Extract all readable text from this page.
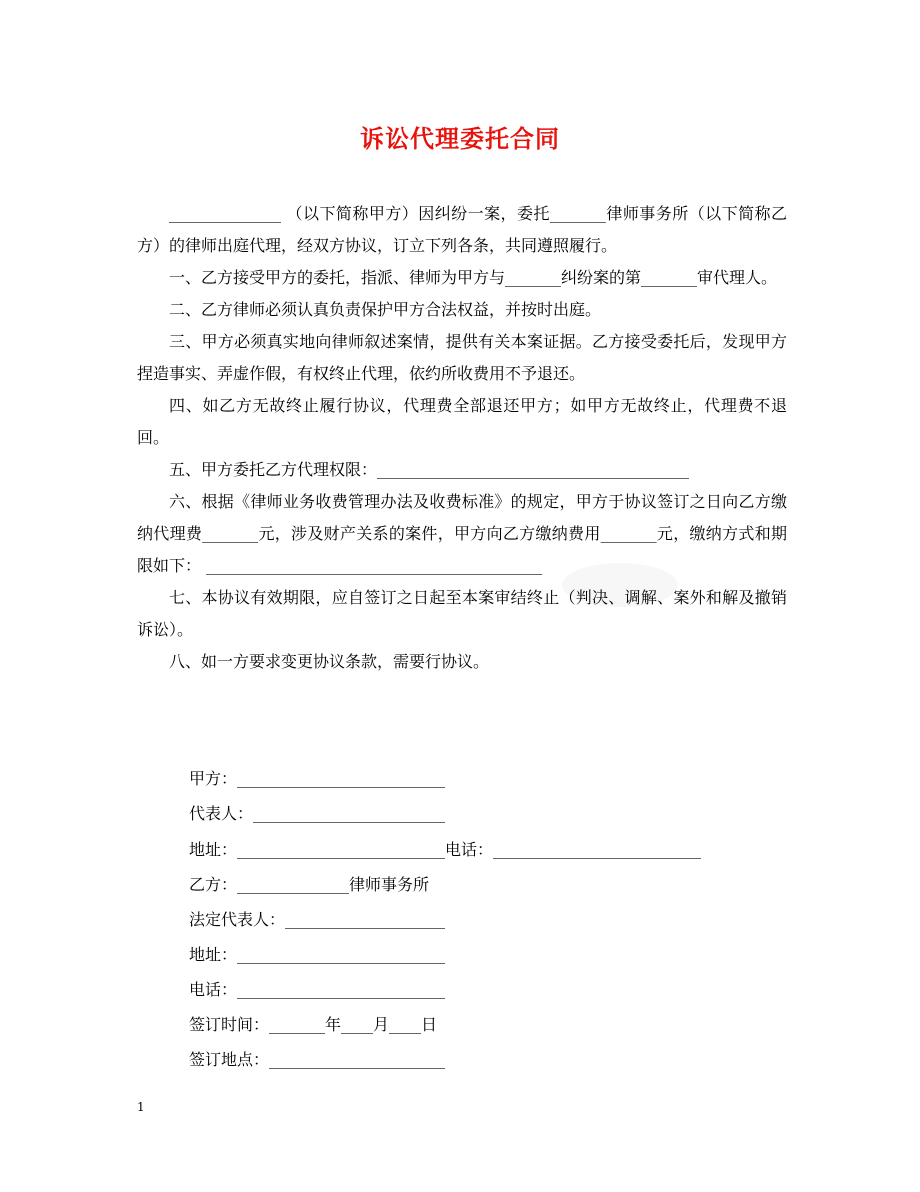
诉讼代理委托合同

______________ （以下简称甲方）因纠纷一案，委托_______律师事务所（以下简称乙方）的律师出庭代理，经双方协议，订立下列各条，共同遵照履行。

一、乙方接受甲方的委托，指派、律师为甲方与_______纠纷案的第_______审代理人。

二、乙方律师必须认真负责保护甲方合法权益，并按时出庭。

三、甲方必须真实地向律师叙述案情，提供有关本案证据。乙方接受委托后，发现甲方捏造事实、弄虚作假，有权终止代理，依约所收费用不予退还。

四、如乙方无故终止履行协议，代理费全部退还甲方；如甲方无故终止，代理费不退回。

五、甲方委托乙方代理权限：_______________________________________

六、根据《律师业务收费管理办法及收费标准》的规定，甲方于协议签订之日向乙方缴纳代理费_______元，涉及财产关系的案件，甲方向乙方缴纳费用_______元，缴纳方式和期限如下： __________________________________________

七、本协议有效期限，应自签订之日起至本案审结终止（判决、调解、案外和解及撤销诉讼）。

八、如一方要求变更协议条款，需要行协议。

甲方：__________________________
代表人：________________________
地址：__________________________电话：__________________________
乙方：______________律师事务所
法定代表人：____________________
地址：__________________________
电话：__________________________
签订时间：_______年____月____日
签订地点：______________________
1
